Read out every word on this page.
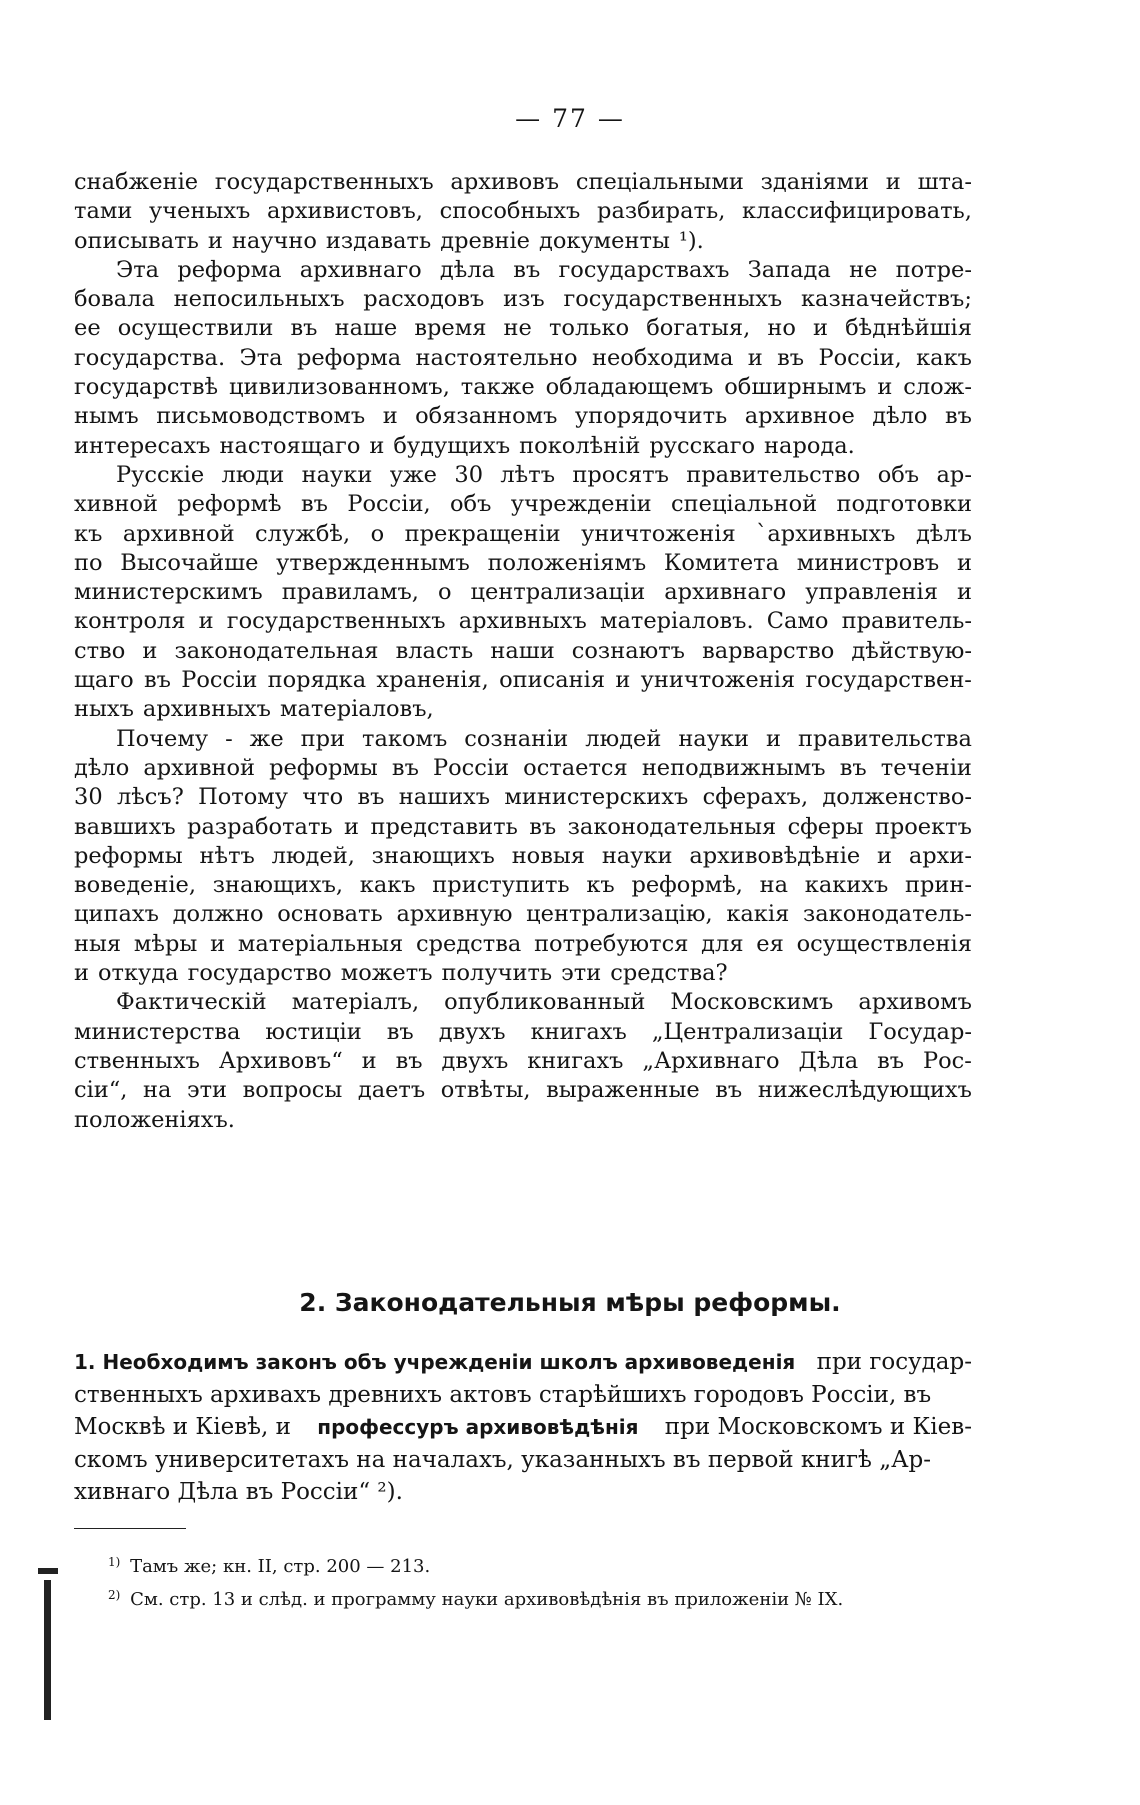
— 77 —
снабженіе государственныхъ архивовъ спеціальными зданіями и шта-
тами ученыхъ архивистовъ, способныхъ разбирать, классифицировать,
описывать и научно издавать древніе документы ¹).
Эта реформа архивнаго дѣла въ государствахъ Запада не потре-
бовала непосильныхъ расходовъ изъ государственныхъ казначействъ;
ее осуществили въ наше время не только богатыя, но и бѣднѣйшія
государства. Эта реформа настоятельно необходима и въ Россіи, какъ
государствѣ цивилизованномъ, также обладающемъ обширнымъ и слож-
нымъ письмоводствомъ и обязанномъ упорядочить архивное дѣло въ
интересахъ настоящаго и будущихъ поколѣній русскаго народа.
Русскіе люди науки уже 30 лѣтъ просятъ правительство объ ар-
хивной реформѣ въ Россіи, объ учрежденіи спеціальной подготовки
къ архивной службѣ, о прекращеніи уничтоженія `архивныхъ дѣлъ
по Высочайше утвержденнымъ положеніямъ Комитета министровъ и
министерскимъ правиламъ, о централизаціи архивнаго управленія и
контроля и государственныхъ архивныхъ матеріаловъ. Само правитель-
ство и законодательная власть наши сознаютъ варварство дѣйствую-
щаго въ Россіи порядка храненія, описанія и уничтоженія государствен-
ныхъ архивныхъ матеріаловъ,
Почему - же при такомъ сознаніи людей науки и правительства
дѣло архивной реформы въ Россіи остается неподвижнымъ въ теченіи
30 лѣсъ? Потому что въ нашихъ министерскихъ сферахъ, долженство-
вавшихъ разработать и представить въ законодательныя сферы проектъ
реформы нѣтъ людей, знающихъ новыя науки архивовѣдѣніе и архи-
воведеніе, знающихъ, какъ приступить къ реформѣ, на какихъ прин-
ципахъ должно основать архивную централизацію, какія законодатель-
ныя мѣры и матеріальныя средства потребуются для ея осуществленія
и откуда государство можетъ получить эти средства?
Фактическій матеріалъ, опубликованный Московскимъ архивомъ
министерства юстиціи въ двухъ книгахъ „Централизаціи Государ-
ственныхъ Архивовъ“ и въ двухъ книгахъ „Архивнаго Дѣла въ Рос-
сіи“, на эти вопросы даетъ отвѣты, выраженные въ нижеслѣдующихъ
положеніяхъ.
2. Законодательныя мѣры реформы.
1. Необходимъ законъ объ учрежденіи школъ архивоведенія при государ-
ственныхъ архивахъ древнихъ актовъ старѣйшихъ городовъ Россіи, въ
Москвѣ и Кіевѣ, и профессуръ архивовѣдѣнія при Московскомъ и Кіев-
скомъ университетахъ на началахъ, указанныхъ въ первой книгѣ „Ар-
хивнаго Дѣла въ Россіи“ ²).
$^{1)}$ Тамъ же; кн. II, стр. 200 — 213.
$^{2)}$ См. стр. 13 и слѣд. и программу науки архивовѣдѣнія въ приложеніи № IX.
